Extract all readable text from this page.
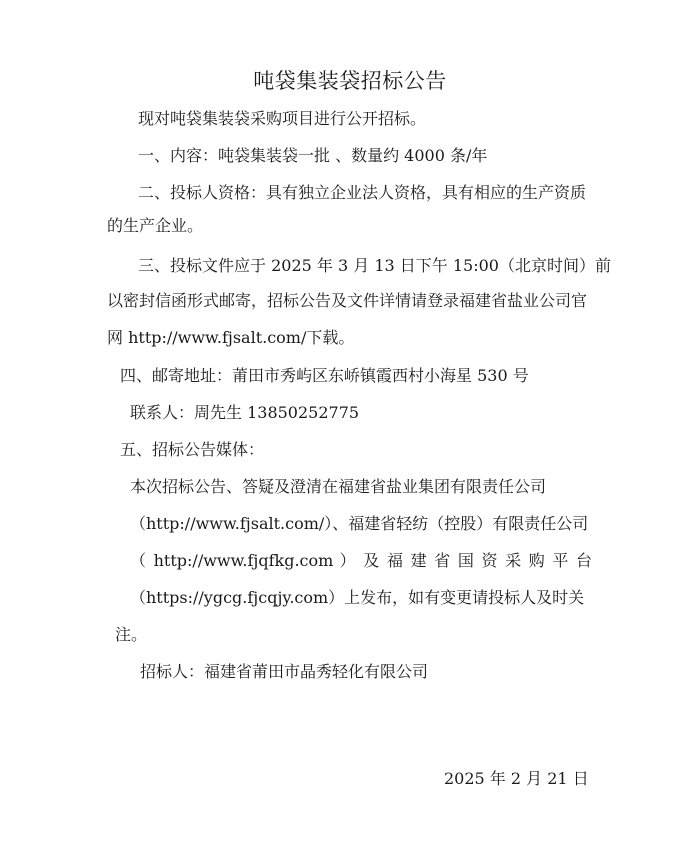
吨袋集装袋招标公告
现对吨袋集装袋采购项目进行公开招标。
一、内容：吨袋集装袋一批 、数量约 4000 条/年
二、投标人资格：具有独立企业法人资格，具有相应的生产资质
的生产企业。
三、投标文件应于 2025 年 3 月 13 日下午 15:00（北京时间）前
以密封信函形式邮寄，招标公告及文件详情请登录福建省盐业公司官
网 http://www.fjsalt.com/下载。
四、邮寄地址：莆田市秀屿区东峤镇霞西村小海星 530 号
联系人：周先生 13850252775
五、招标公告媒体：
本次招标公告、答疑及澄清在福建省盐业集团有限责任公司
（http://www.fjsalt.com/）、福建省轻纺（控股）有限责任公司
（ http://www.fjqfkg.com ） 及 福 建 省 国 资 采 购 平 台
（https://ygcg.fjcqjy.com）上发布，如有变更请投标人及时关
注。
招标人：福建省莆田市晶秀轻化有限公司
2025 年 2 月 21 日
